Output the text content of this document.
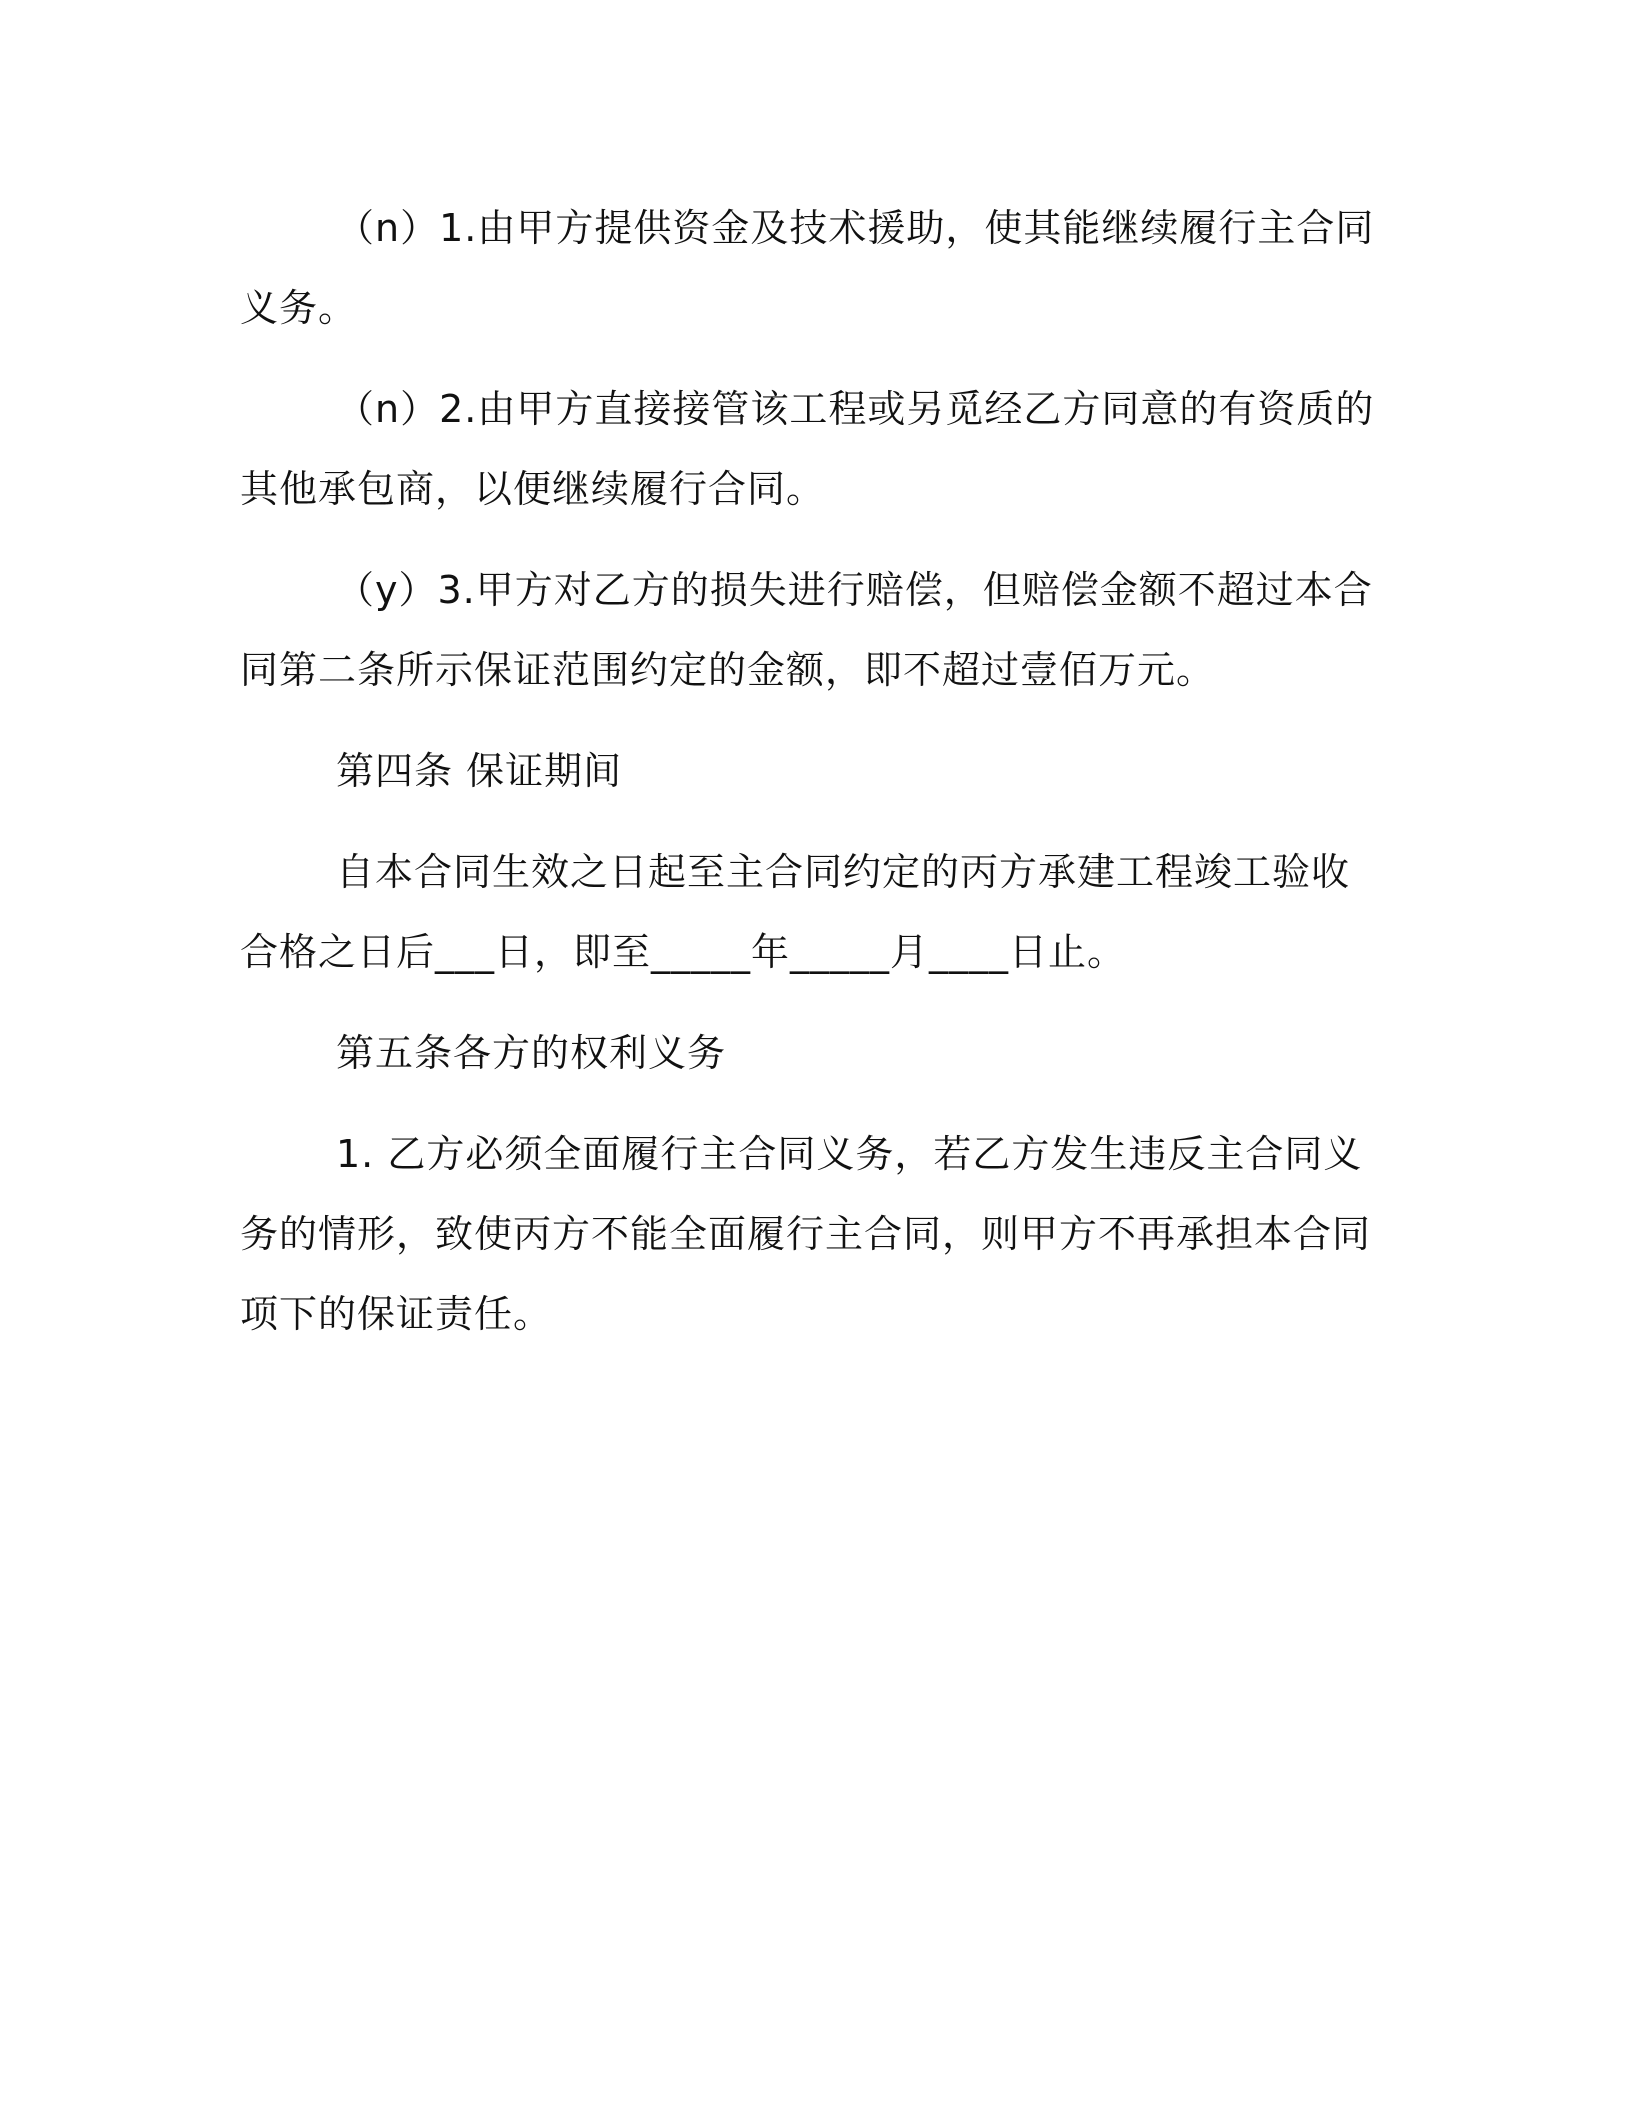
（n）1.由甲方提供资金及技术援助，使其能继续履行主合同义务。

（n）2.由甲方直接接管该工程或另觅经乙方同意的有资质的其他承包商，以便继续履行合同。

（y）3.甲方对乙方的损失进行赔偿，但赔偿金额不超过本合同第二条所示保证范围约定的金额，即不超过壹佰万元。

第四条 保证期间

自本合同生效之日起至主合同约定的丙方承建工程竣工验收合格之日后___日，即至_____年_____月____日止。

第五条各方的权利义务

1. 乙方必须全面履行主合同义务，若乙方发生违反主合同义务的情形，致使丙方不能全面履行主合同，则甲方不再承担本合同项下的保证责任。
